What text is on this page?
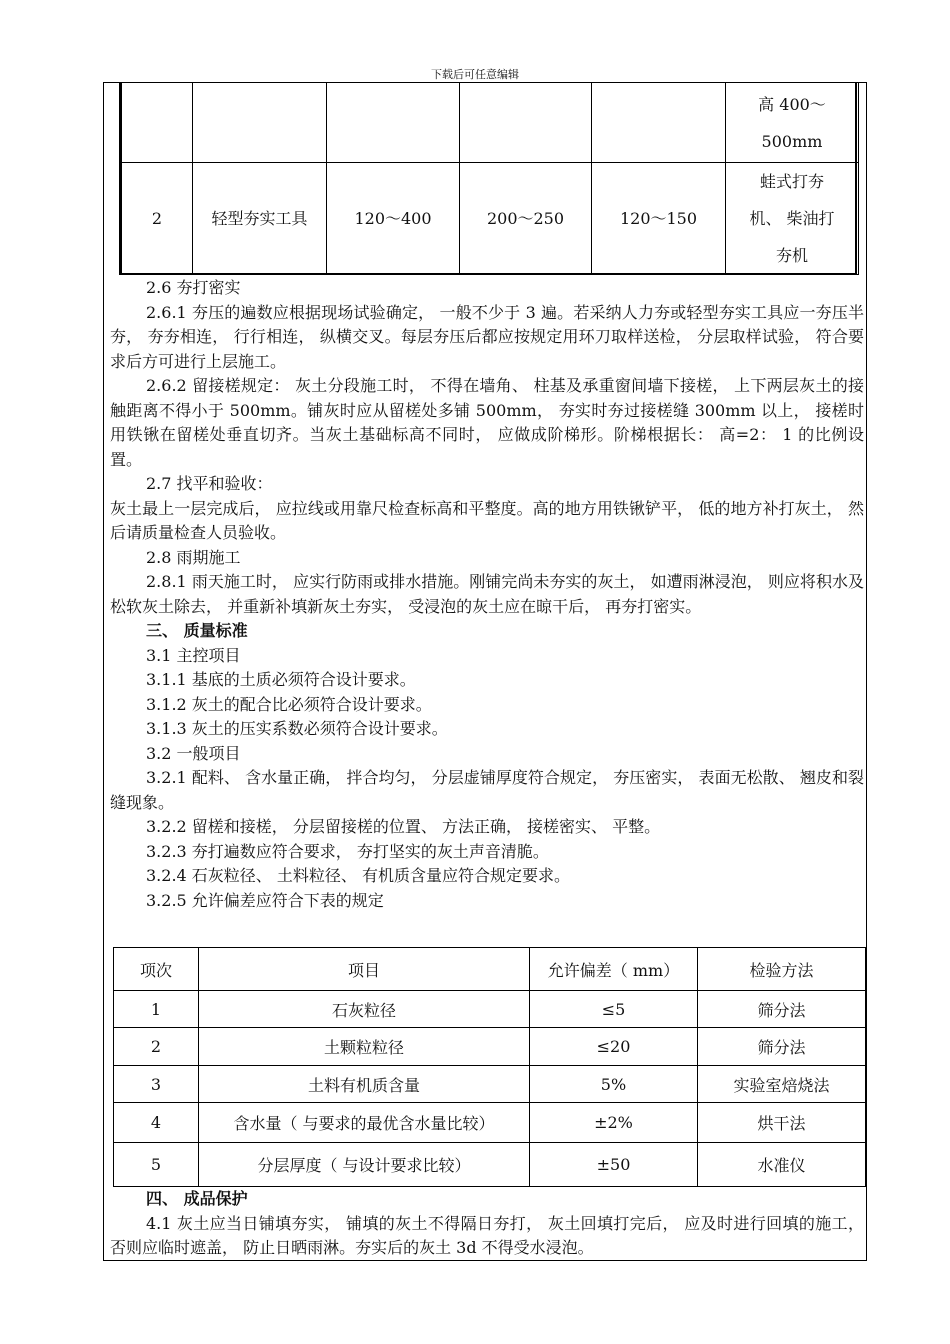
下载后可任意编辑

					高 400～
500mm

2	轻型夯实工具	120～400	200～250	120～150	蛙式打夯
机、 柴油打
夯机

2.6 夯打密实

2.6.1 夯压的遍数应根据现场试验确定， 一般不少于 3 遍。若采纳人力夯或轻型夯实工具应一夯压半夯， 夯夯相连， 行行相连， 纵横交叉。每层夯压后都应按规定用环刀取样送检， 分层取样试验， 符合要求后方可进行上层施工。

2.6.2 留接槎规定： 灰土分段施工时， 不得在墙角、 柱基及承重窗间墙下接槎， 上下两层灰土的接触距离不得小于 500mm。铺灰时应从留槎处多铺 500mm， 夯实时夯过接槎缝 300mm 以上， 接槎时用铁锹在留槎处垂直切齐。当灰土基础标高不同时， 应做成阶梯形。阶梯根据长： 高=2： 1 的比例设置。

2.7 找平和验收：

灰土最上一层完成后， 应拉线或用靠尺检查标高和平整度。高的地方用铁锹铲平， 低的地方补打灰土， 然后请质量检查人员验收。

2.8 雨期施工

2.8.1 雨天施工时， 应实行防雨或排水措施。刚铺完尚未夯实的灰土， 如遭雨淋浸泡， 则应将积水及松软灰土除去， 并重新补填新灰土夯实， 受浸泡的灰土应在晾干后， 再夯打密实。

三、 质量标准

3.1 主控项目

3.1.1 基底的土质必须符合设计要求。

3.1.2 灰土的配合比必须符合设计要求。

3.1.3 灰土的压实系数必须符合设计要求。

3.2 一般项目

3.2.1 配料、 含水量正确， 拌合均匀， 分层虚铺厚度符合规定， 夯压密实， 表面无松散、 翘皮和裂缝现象。

3.2.2 留槎和接槎， 分层留接槎的位置、 方法正确， 接槎密实、 平整。

3.2.3 夯打遍数应符合要求， 夯打坚实的灰土声音清脆。

3.2.4 石灰粒径、 土料粒径、 有机质含量应符合规定要求。

3.2.5 允许偏差应符合下表的规定

项次	项目	允许偏差（ mm）	检验方法
1	石灰粒径	≤5	筛分法
2	土颗粒粒径	≤20	筛分法
3	土料有机质含量	5%	实验室焙烧法
4	含水量（ 与要求的最优含水量比较）	±2%	烘干法
5	分层厚度（ 与设计要求比较）	±50	水准仪

四、 成品保护

4.1 灰土应当日铺填夯实， 铺填的灰土不得隔日夯打， 灰土回填打完后， 应及时进行回填的施工， 否则应临时遮盖， 防止日晒雨淋。夯实后的灰土 3d 不得受水浸泡。
